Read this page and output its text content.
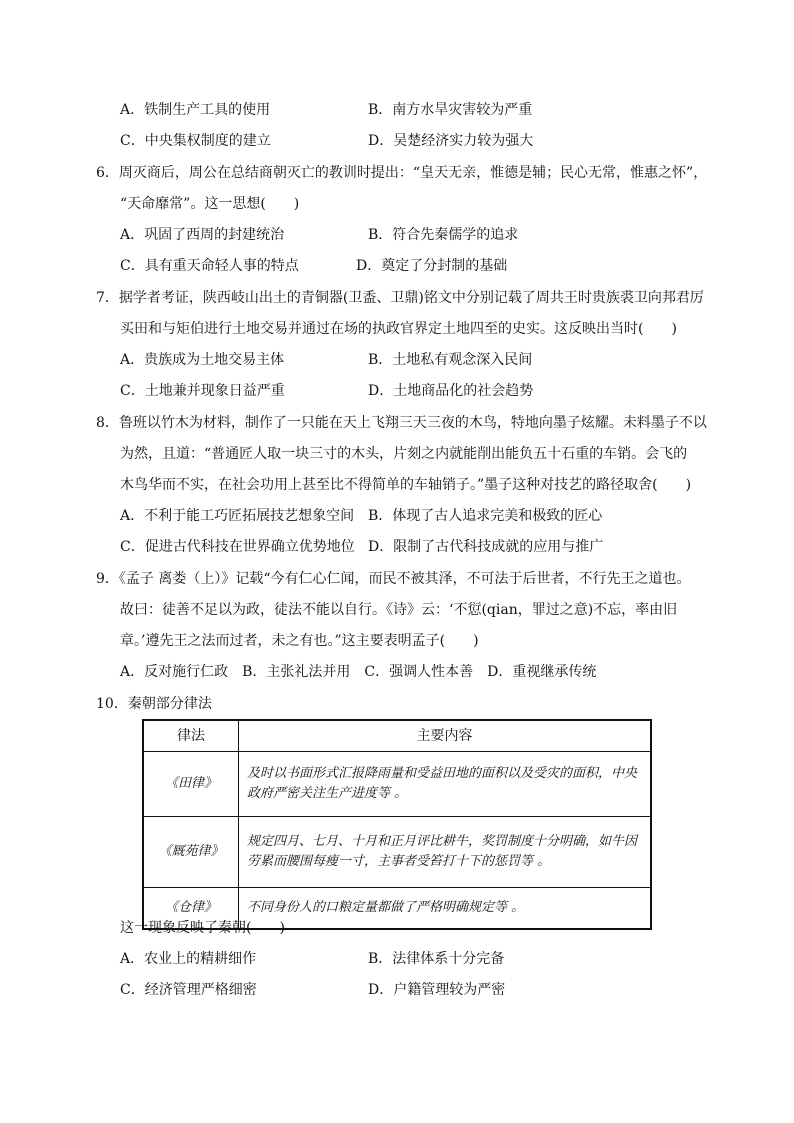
A．铁制生产工具的使用	B．南方水旱灾害较为严重
C．中央集权制度的建立	D．吴楚经济实力较为强大
6．周灭商后，周公在总结商朝灭亡的教训时提出：“皇天无亲，惟德是辅；民心无常，惟惠之怀”，
“天命靡常”。这一思想(　　)
A．巩固了西周的封建统治	B．符合先秦儒学的追求
C．具有重天命轻人事的特点	D．奠定了分封制的基础
7．据学者考证，陕西岐山出土的青铜器(卫盉、卫鼎)铭文中分别记载了周共王时贵族裘卫向邦君厉
买田和与矩伯进行土地交易并通过在场的执政官界定土地四至的史实。这反映出当时(　　)
A．贵族成为土地交易主体	B．土地私有观念深入民间
C．土地兼并现象日益严重	D．土地商品化的社会趋势
8．鲁班以竹木为材料，制作了一只能在天上飞翔三天三夜的木鸟，特地向墨子炫耀。未料墨子不以
为然，且道：“普通匠人取一块三寸的木头，片刻之内就能削出能负五十石重的车销。会飞的
木鸟华而不实，在社会功用上甚至比不得简单的车轴销子。”墨子这种对技艺的路径取舍(　　)
A．不利于能工巧匠拓展技艺想象空间 B．体现了古人追求完美和极致的匠心
C．促进古代科技在世界确立优势地位 D．限制了古代科技成就的应用与推广
9．《孟子 离娄（上）》记载“今有仁心仁闻，而民不被其泽，不可法于后世者，不行先王之道也。
故曰：徒善不足以为政，徒法不能以自行。《诗》云：‘不愆(qian，罪过之意)不忘，率由旧
章。’遵先王之法而过者，未之有也。”这主要表明孟子(　　)
A．反对施行仁政　B．主张礼法并用　C．强调人性本善　D．重视继承传统
10．秦朝部分律法
律法	主要内容
《田律》	及时以书面形式汇报降雨量和受益田地的面积以及受灾的面积，中央政府严密关注生产进度等 。
《厩苑律》	规定四月、七月、十月和正月评比耕牛，奖罚制度十分明确，如牛因劳累而腰围每瘦一寸，主事者受笞打十下的惩罚等 。
《仓律》	不同身份人的口粮定量都做了严格明确规定等 。
这一现象反映了秦朝(　　)
A．农业上的精耕细作	B．法律体系十分完备
C．经济管理严格细密	D．户籍管理较为严密
